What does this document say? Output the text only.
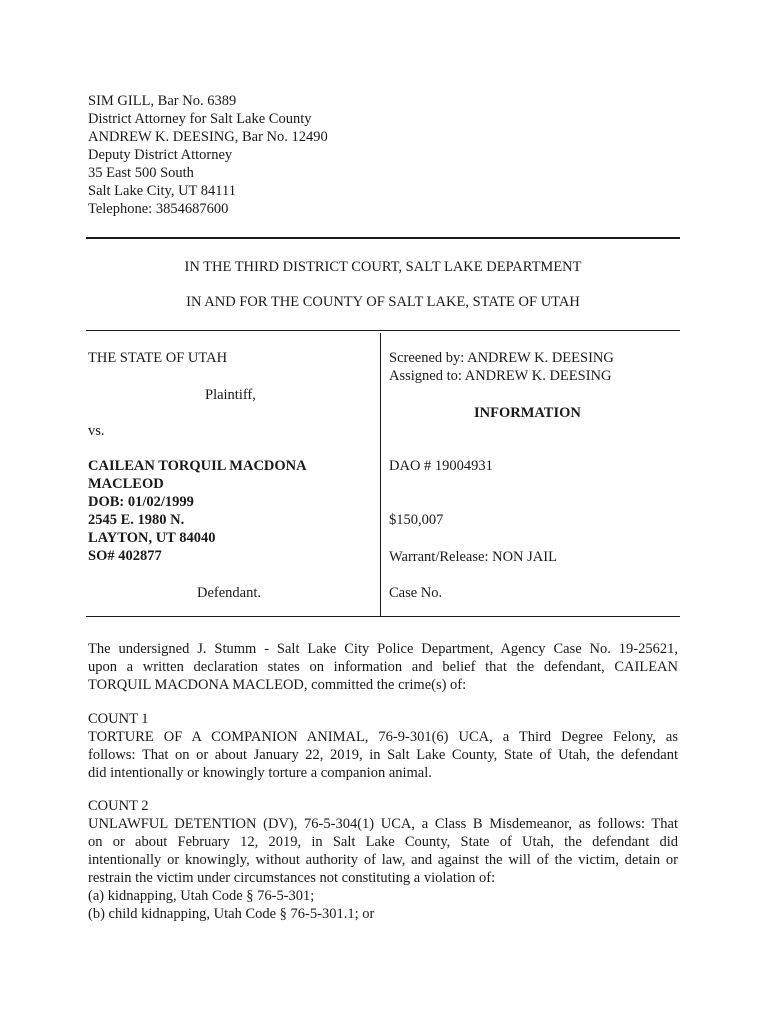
SIM GILL, Bar No. 6389
District Attorney for Salt Lake County
ANDREW K. DEESING, Bar No. 12490
Deputy District Attorney
35 East 500 South
Salt Lake City, UT 84111
Telephone: 3854687600
IN THE THIRD DISTRICT COURT, SALT LAKE DEPARTMENT
IN AND FOR THE COUNTY OF SALT LAKE, STATE OF UTAH
THE STATE OF UTAH
Plaintiff,
vs.
CAILEAN TORQUIL MACDONA
MACLEOD
DOB: 01/02/1999
2545 E. 1980 N.
LAYTON, UT 84040
SO# 402877
Defendant.
Screened by: ANDREW K. DEESING
Assigned to: ANDREW K. DEESING
INFORMATION
DAO # 19004931
$150,007
Warrant/Release: NON JAIL
Case No.
The undersigned J. Stumm - Salt Lake City Police Department, Agency Case No. 19-25621,
upon a written declaration states on information and belief that the defendant, CAILEAN
TORQUIL MACDONA MACLEOD, committed the crime(s) of:
COUNT 1
TORTURE OF A COMPANION ANIMAL, 76-9-301(6) UCA, a Third Degree Felony, as
follows: That on or about January 22, 2019, in Salt Lake County, State of Utah, the defendant
did intentionally or knowingly torture a companion animal.
COUNT 2
UNLAWFUL DETENTION (DV), 76-5-304(1) UCA, a Class B Misdemeanor, as follows: That
on or about February 12, 2019, in Salt Lake County, State of Utah, the defendant did
intentionally or knowingly, without authority of law, and against the will of the victim, detain or
restrain the victim under circumstances not constituting a violation of:
(a) kidnapping, Utah Code § 76-5-301;
(b) child kidnapping, Utah Code § 76-5-301.1; or
